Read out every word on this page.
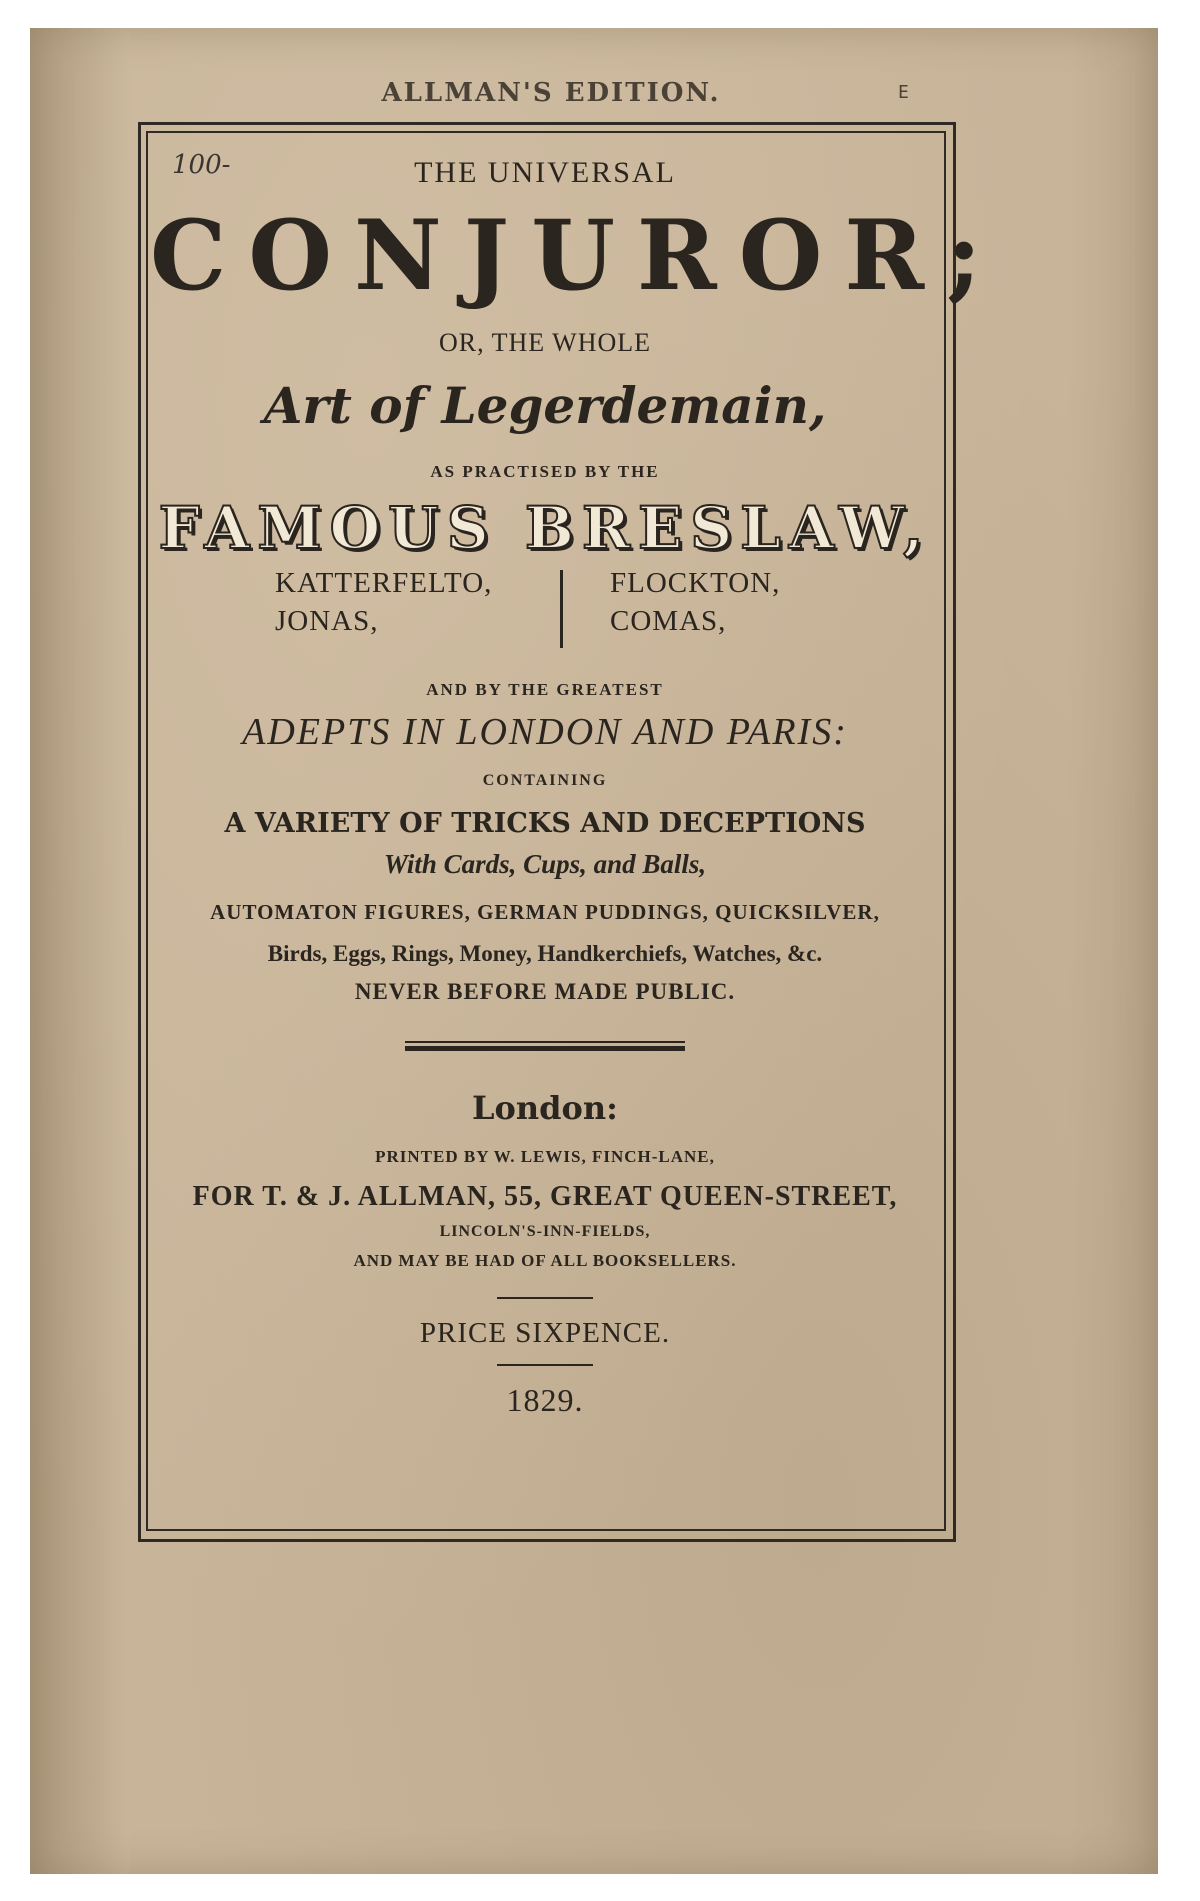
ALLMAN'S EDITION.	E
100-	THE UNIVERSAL
CONJUROR;
OR, THE WHOLE
Art of Legerdemain,
AS PRACTISED BY THE
FAMOUS BRESLAW,
KATTERFELTO,
JONAS,
FLOCKTON,
COMAS,
AND BY THE GREATEST
ADEPTS IN LONDON AND PARIS:
CONTAINING
A VARIETY OF TRICKS AND DECEPTIONS
With Cards, Cups, and Balls,
AUTOMATON FIGURES, GERMAN PUDDINGS, QUICKSILVER,
Birds, Eggs, Rings, Money, Handkerchiefs, Watches, &c.
NEVER BEFORE MADE PUBLIC.
London:
PRINTED BY W. LEWIS, FINCH-LANE,
FOR T. & J. ALLMAN, 55, GREAT QUEEN-STREET,
LINCOLN'S-INN-FIELDS,
AND MAY BE HAD OF ALL BOOKSELLERS.
PRICE SIXPENCE.
1829.
